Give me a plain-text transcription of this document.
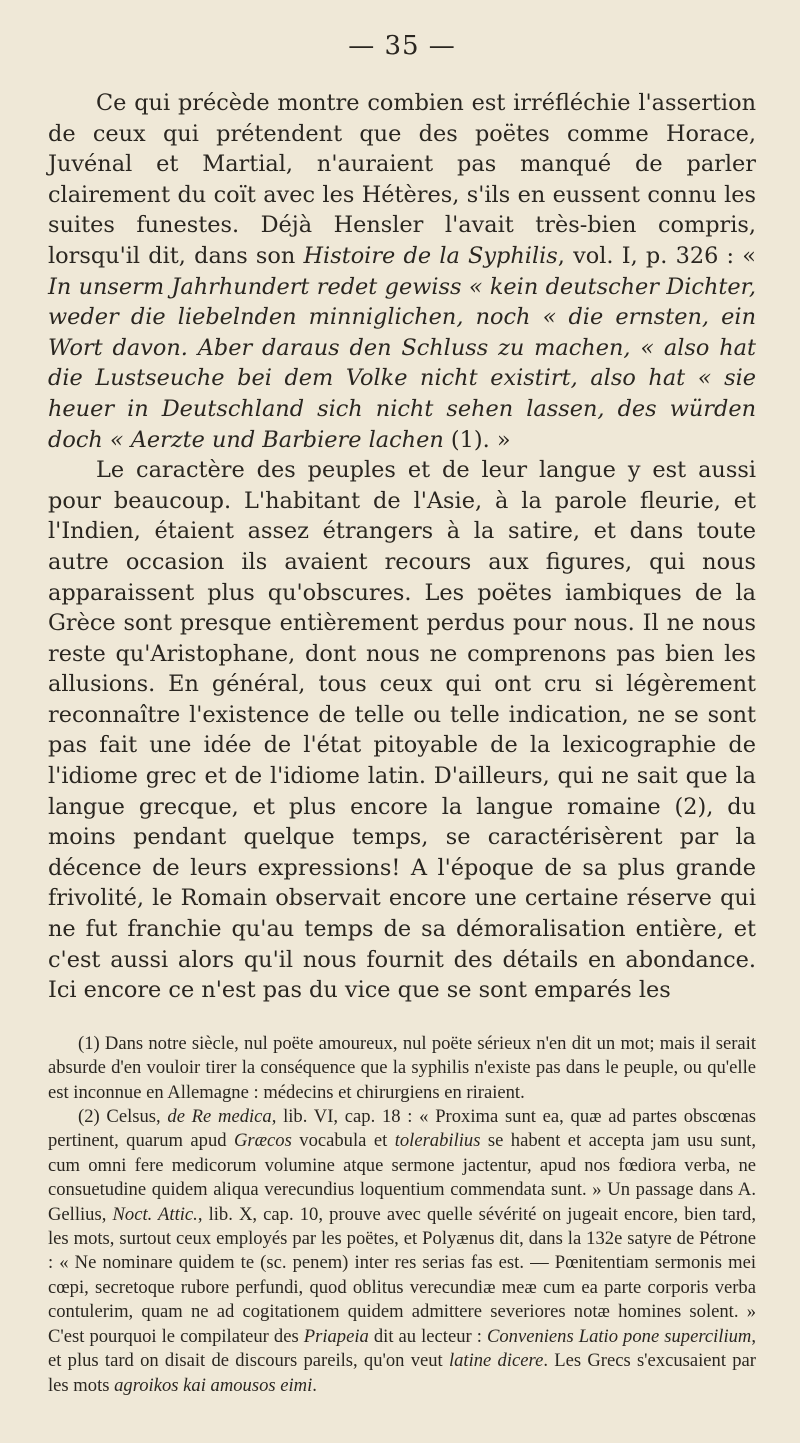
— 35 —

Ce qui précède montre combien est irréfléchie l'assertion de ceux qui prétendent que des poëtes comme Horace, Juvénal et Martial, n'auraient pas manqué de parler clairement du coït avec les Hétères, s'ils en eussent connu les suites funestes. Déjà Hensler l'avait très-bien compris, lorsqu'il dit, dans son Histoire de la Syphilis, vol. I, p. 326 : « In unserm Jahrhundert redet gewiss « kein deutscher Dichter, weder die liebelnden minniglichen, noch « die ernsten, ein Wort davon. Aber daraus den Schluss zu machen, « also hat die Lustseuche bei dem Volke nicht existirt, also hat « sie heuer in Deutschland sich nicht sehen lassen, des würden doch « Aerzte und Barbiere lachen (1). »

Le caractère des peuples et de leur langue y est aussi pour beaucoup. L'habitant de l'Asie, à la parole fleurie, et l'Indien, étaient assez étrangers à la satire, et dans toute autre occasion ils avaient recours aux figures, qui nous apparaissent plus qu'obscures. Les poëtes iambiques de la Grèce sont presque entièrement perdus pour nous. Il ne nous reste qu'Aristophane, dont nous ne comprenons pas bien les allusions. En général, tous ceux qui ont cru si légèrement reconnaître l'existence de telle ou telle indication, ne se sont pas fait une idée de l'état pitoyable de la lexicographie de l'idiome grec et de l'idiome latin. D'ailleurs, qui ne sait que la langue grecque, et plus encore la langue romaine (2), du moins pendant quelque temps, se caractérisèrent par la décence de leurs expressions! A l'époque de sa plus grande frivolité, le Romain observait encore une certaine réserve qui ne fut franchie qu'au temps de sa démoralisation entière, et c'est aussi alors qu'il nous fournit des détails en abondance. Ici encore ce n'est pas du vice que se sont emparés les

(1) Dans notre siècle, nul poëte amoureux, nul poëte sérieux n'en dit un mot; mais il serait absurde d'en vouloir tirer la conséquence que la syphilis n'existe pas dans le peuple, ou qu'elle est inconnue en Allemagne : médecins et chirurgiens en riraient.

(2) Celsus, de Re medica, lib. VI, cap. 18 : « Proxima sunt ea, quæ ad partes obscœnas pertinent, quarum apud Græcos vocabula et tolerabilius se habent et accepta jam usu sunt, cum omni fere medicorum volumine atque sermone jactentur, apud nos fœdiora verba, ne consuetudine quidem aliqua verecundius loquentium commendata sunt. » Un passage dans A. Gellius, Noct. Attic., lib. X, cap. 10, prouve avec quelle sévérité on jugeait encore, bien tard, les mots, surtout ceux employés par les poëtes, et Polyænus dit, dans la 132e satyre de Pétrone : « Ne nominare quidem te (sc. penem) inter res serias fas est. — Pœnitentiam sermonis mei cœpi, secretoque rubore perfundi, quod oblitus verecundiæ meæ cum ea parte corporis verba contulerim, quam ne ad cogitationem quidem admittere severiores notæ homines solent. » C'est pourquoi le compilateur des Priapeia dit au lecteur : Conveniens Latio pone supercilium, et plus tard on disait de discours pareils, qu'on veut latine dicere. Les Grecs s'excusaient par les mots agroikos kai amousos eimi.
